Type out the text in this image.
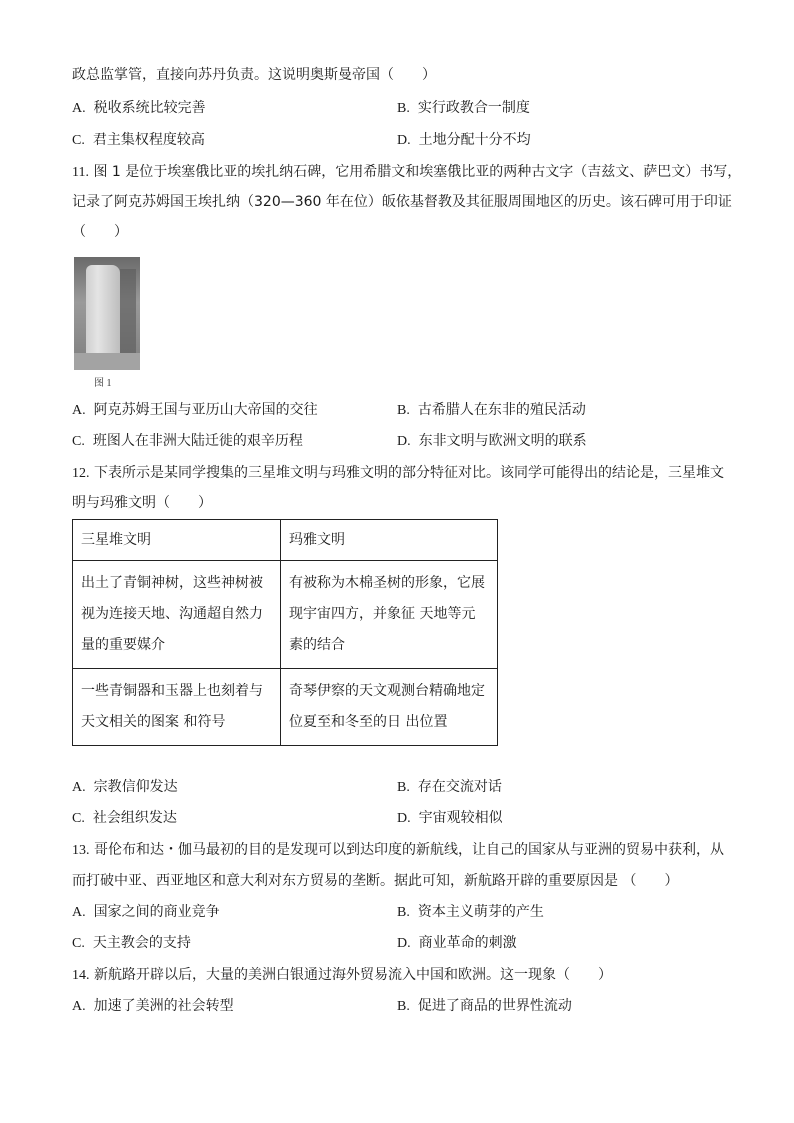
政总监掌管，直接向苏丹负责。这说明奥斯曼帝国（　　）
A. 税收系统比较完善	B. 实行政教合一制度
C. 君主集权程度较高	D. 土地分配十分不均
11. 图 1 是位于埃塞俄比亚的埃扎纳石碑，它用希腊文和埃塞俄比亚的两种古文字（吉兹文、萨巴文）书写，
记录了阿克苏姆国王埃扎纳（320—360 年在位）皈依基督教及其征服周围地区的历史。该石碑可用于印证
（　　）
图 1
A. 阿克苏姆王国与亚历山大帝国的交往	B. 古希腊人在东非的殖民活动
C. 班图人在非洲大陆迁徙的艰辛历程	D. 东非文明与欧洲文明的联系
12. 下表所示是某同学搜集的三星堆文明与玛雅文明的部分特征对比。该同学可能得出的结论是，三星堆文
明与玛雅文明（　　）
三星堆文明	玛雅文明
出土了青铜神树，这些神树被视为连接天地、沟通超自然力量的重要媒介	有被称为木棉圣树的形象，它展现宇宙四方，并象征 天地等元素的结合
一些青铜器和玉器上也刻着与天文相关的图案 和符号	奇琴伊察的天文观测台精确地定位夏至和冬至的日 出位置
A. 宗教信仰发达	B. 存在交流对话
C. 社会组织发达	D. 宇宙观较相似
13. 哥伦布和达・伽马最初的目的是发现可以到达印度的新航线，让自己的国家从与亚洲的贸易中获利，从
而打破中亚、西亚地区和意大利对东方贸易的垄断。据此可知，新航路开辟的重要原因是 （　　）
A. 国家之间的商业竞争	B. 资本主义萌芽的产生
C. 天主教会的支持	D. 商业革命的刺激
14. 新航路开辟以后，大量的美洲白银通过海外贸易流入中国和欧洲。这一现象（　　）
A. 加速了美洲的社会转型	B. 促进了商品的世界性流动
